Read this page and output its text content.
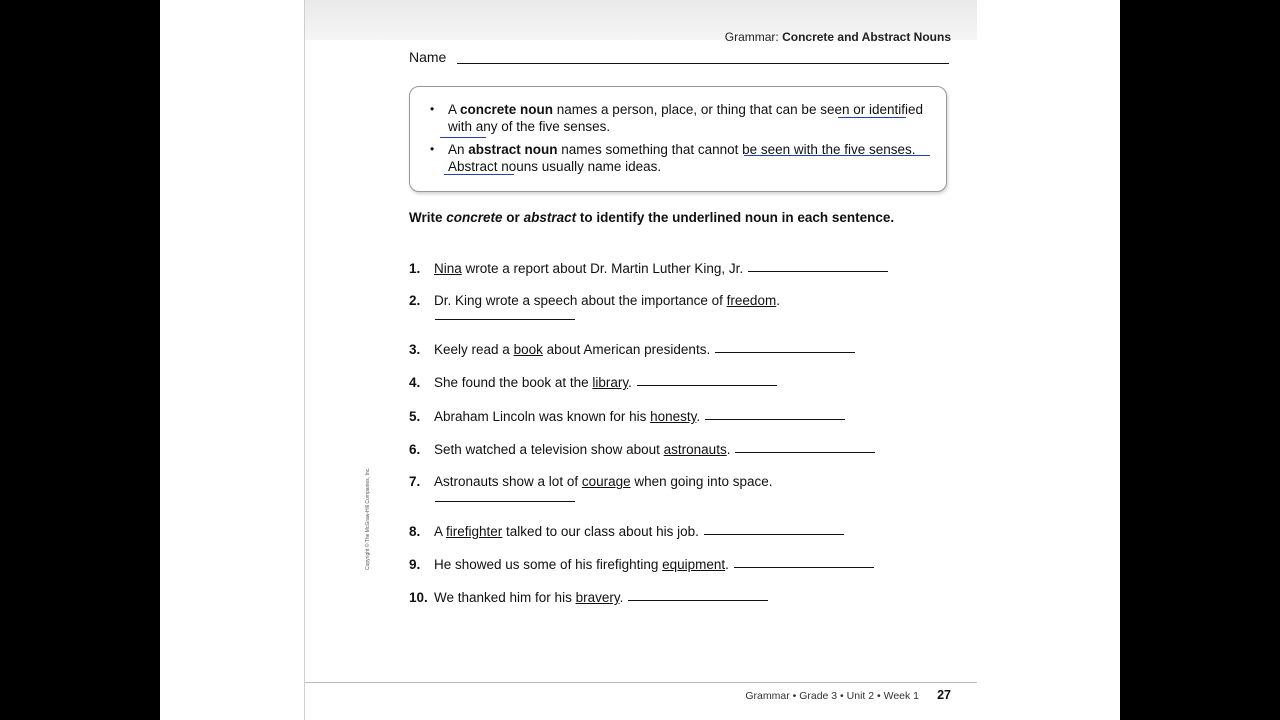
Grammar: Concrete and Abstract Nouns
Name
• A concrete noun names a person, place, or thing that can be seen or identified with any of the five senses.
• An abstract noun names something that cannot be seen with the five senses. Abstract nouns usually name ideas.
Write concrete or abstract to identify the underlined noun in each sentence.
1. Nina wrote a report about Dr. Martin Luther King, Jr.
2. Dr. King wrote a speech about the importance of freedom.
3. Keely read a book about American presidents.
4. She found the book at the library.
5. Abraham Lincoln was known for his honesty.
6. Seth watched a television show about astronauts.
7. Astronauts show a lot of courage when going into space.
8. A firefighter talked to our class about his job.
9. He showed us some of his firefighting equipment.
10. We thanked him for his bravery.
Copyright © The McGraw-Hill Companies, Inc.
Grammar • Grade 3 • Unit 2 • Week 1 27
